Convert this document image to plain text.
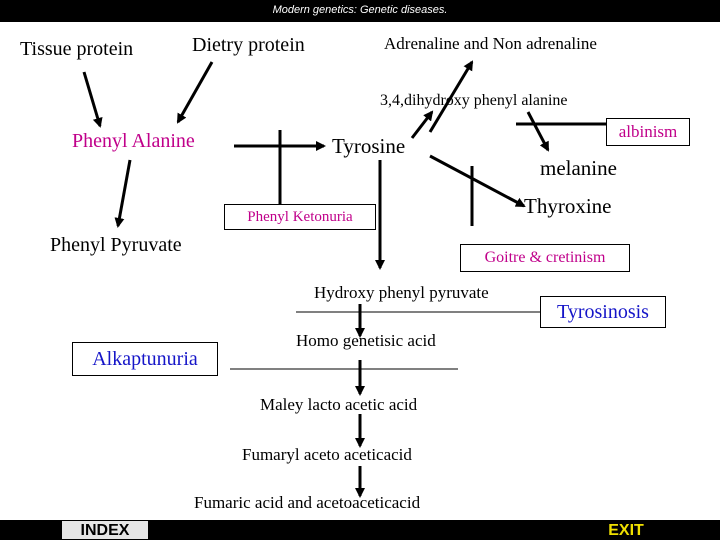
Modern genetics: Genetic diseases.
Tissue protein	Dietry protein	Adrenaline and Non adrenaline
3,4,dihydroxy phenyl alanine
Phenyl Alanine	Tyrosine
albinism
melanine
Thyroxine
Phenyl Ketonuria
Phenyl Pyruvate
Goitre & cretinism
Hydroxy phenyl pyruvate
Tyrosinosis
Homo genetisic acid
Alkaptunuria
Maley lacto acetic acid
Fumaryl aceto aceticacid
Fumaric acid and acetoaceticacid
INDEX	EXIT
